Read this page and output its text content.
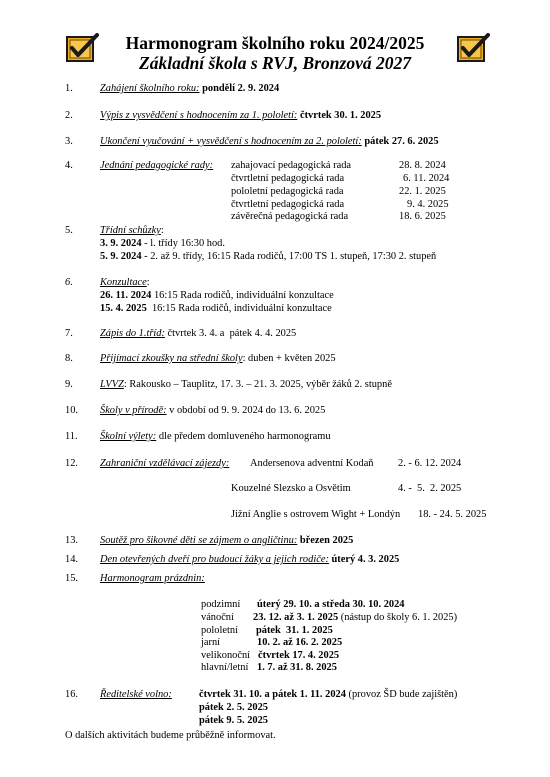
Harmonogram školního roku 2024/2025
Základní škola s RVJ, Bronzová 2027
1.	Zahájení školního roku: pondělí 2. 9. 2024
2.	Výpis z vysvědčení s hodnocením za 1. pololetí: čtvrtek 30. 1. 2025
3.	Ukončení vyučování + vysvědčení s hodnocením za 2. pololetí: pátek 27. 6. 2025
4.	Jednání pedagogické rady: zahajovací pedagogická rada	28. 8. 2024
čtvrtletní pedagogická rada	6. 11. 2024
pololetní pedagogická rada	22. 1. 2025
čtvrtletní pedagogická rada	9. 4. 2025
závěrečná pedagogická rada	18. 6. 2025
5.	Třídní schůzky:
3. 9. 2024 - l. třídy 16:30 hod.
5. 9. 2024 - 2. až 9. třídy, 16:15 Rada rodičů, 17:00 TS 1. stupeň, 17:30 2. stupeň
6.	Konzultace:
26. 11. 2024 16:15 Rada rodičů, individuální konzultace
15. 4. 2025  16:15 Rada rodičů, individuální konzultace
7.	Zápis do 1.tříd: čtvrtek 3. 4. a  pátek 4. 4. 2025
8.	Přijímací zkoušky na střední školy: duben + květen 2025
9.	LVVZ: Rakousko – Tauplitz, 17. 3. – 21. 3. 2025, výběr žáků 2. stupně
10. Školy v přírodě: v období od 9. 9. 2024 do 13. 6. 2025
11. Školní výlety: dle předem domluveného harmonogramu
12. Zahraniční vzdělávací zájezdy: Andersenova adventní Kodaň 2. - 6. 12. 2024
Kouzelné Slezsko a Osvětim	4. -  5.  2. 2025
Jižní Anglie s ostrovem Wight + Londýn 18. - 24. 5. 2025
13. Soutěž pro šikovné děti se zájmem o angličtinu: březen 2025
14. Den otevřených dveří pro budoucí žáky a jejich rodiče: úterý 4. 3. 2025
15. Harmonogram prázdnin:
podzimní úterý 29. 10. a středa 30. 10. 2024
vánoční 23. 12. až 3. 1. 2025 (nástup do školy 6. 1. 2025)
pololetní pátek  31. 1. 2025
jarní	10. 2. až 16. 2. 2025
velikonoční čtvrtek 17. 4. 2025
hlavní/letní 1. 7. až 31. 8. 2025
16. Ředitelské volno:	čtvrtek 31. 10. a pátek 1. 11. 2024 (provoz ŠD bude zajištěn)
pátek 2. 5. 2025
pátek 9. 5. 2025
O dalších aktivitách budeme průběžně informovat.
